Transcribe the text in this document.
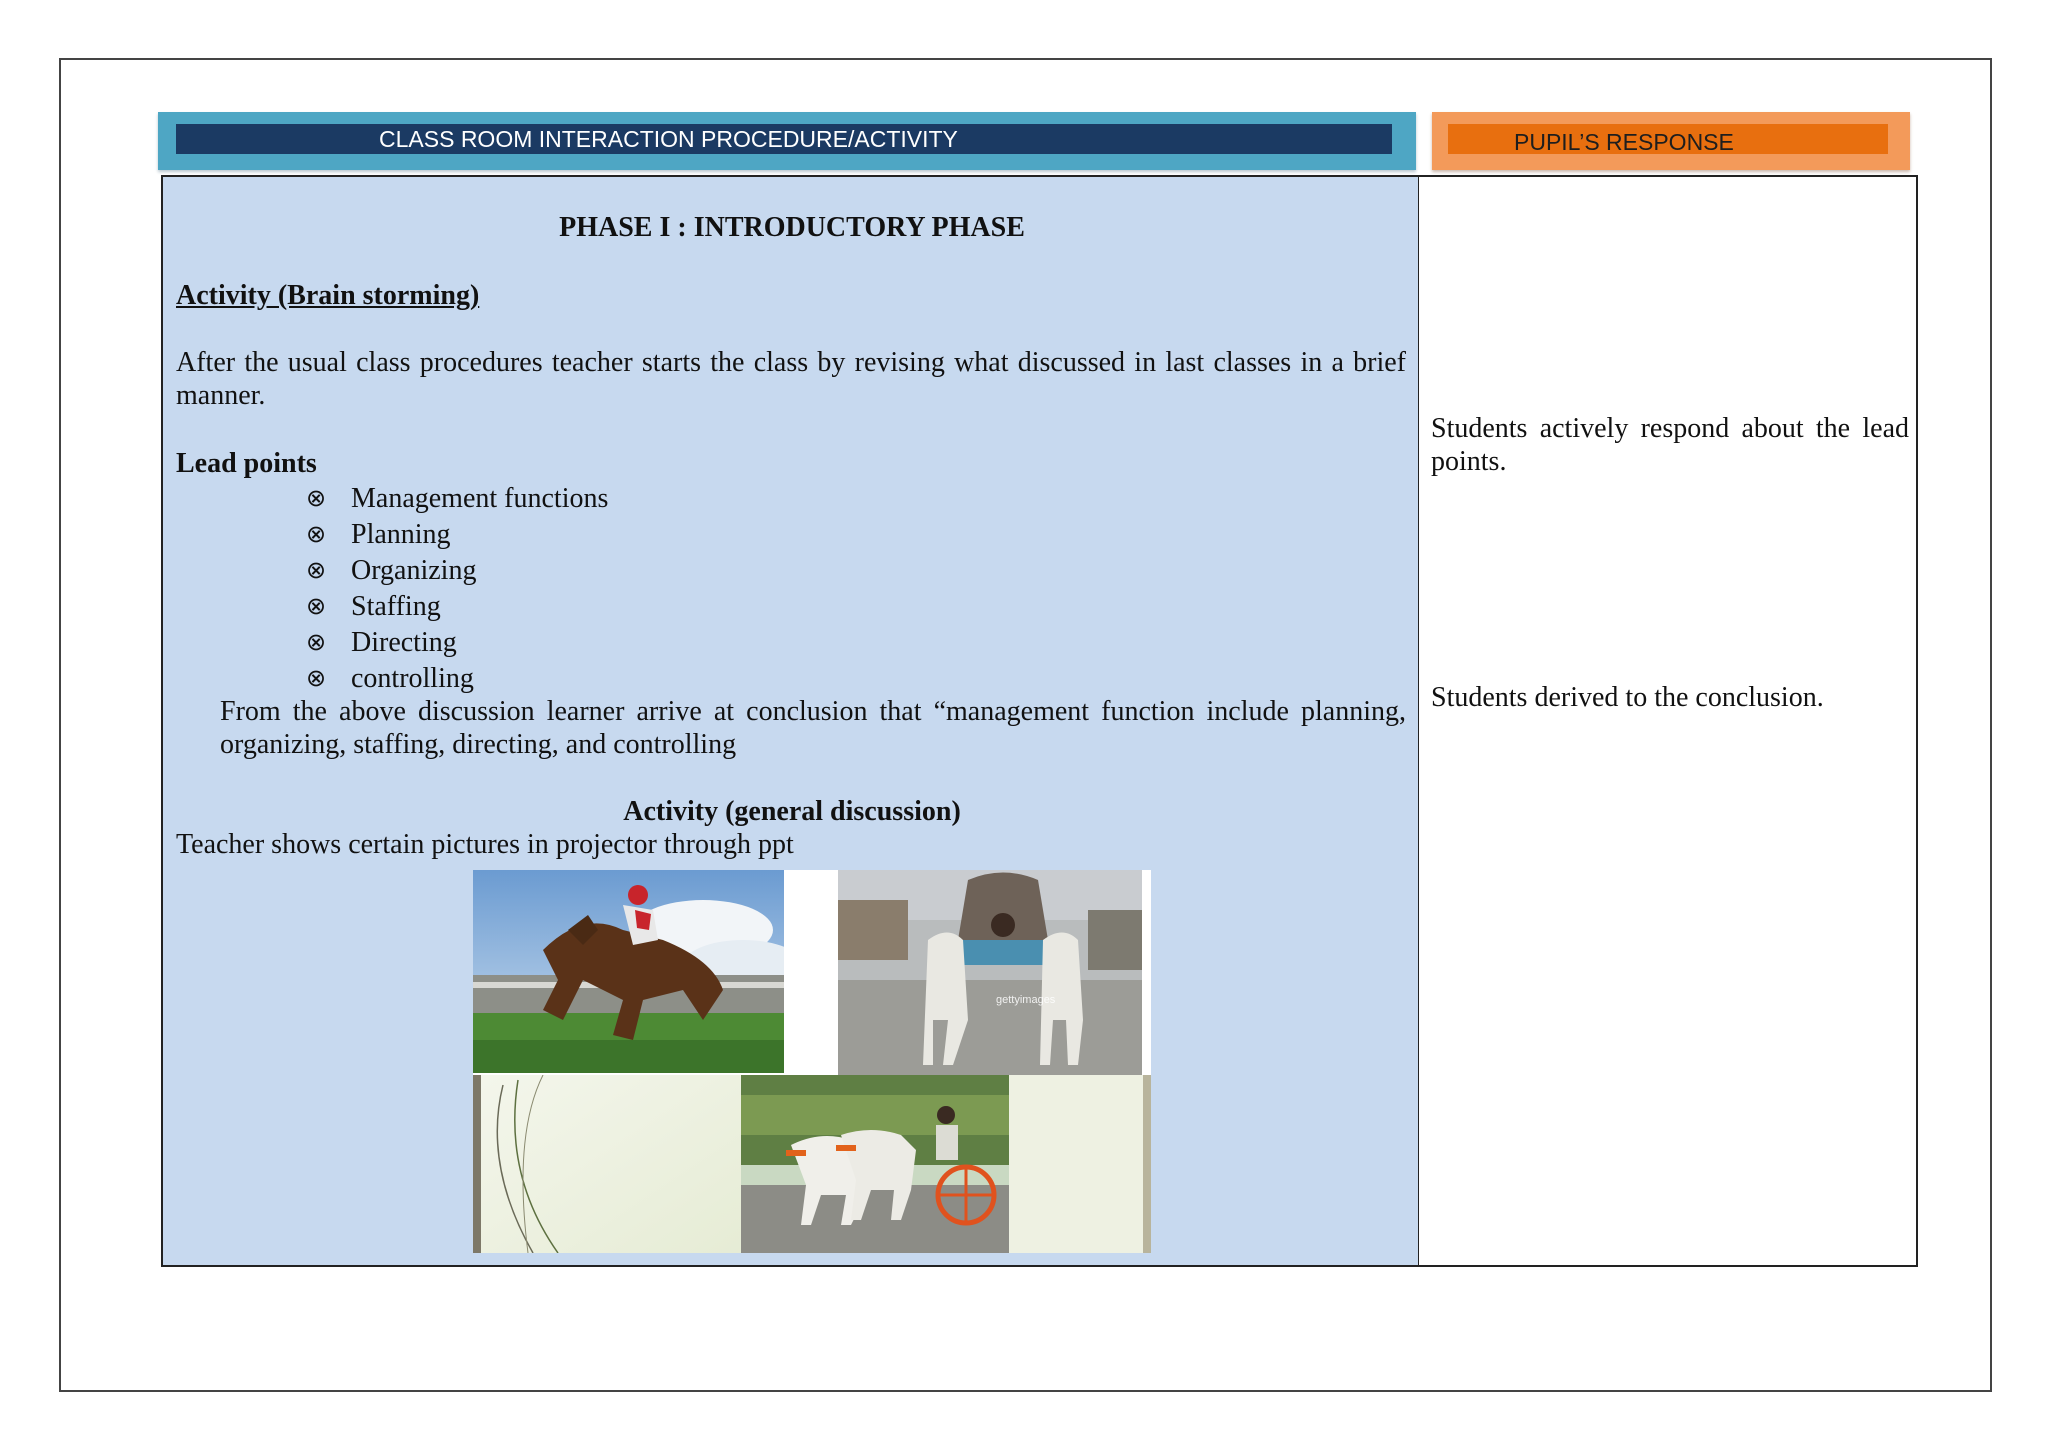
CLASS ROOM INTERACTION PROCEDURE/ACTIVITY	PUPIL’S RESPONSE
PHASE I : INTRODUCTORY PHASE
Activity (Brain storming)
After the usual class procedures teacher starts the class by revising what discussed in last classes in a brief manner.
Lead points
⊗ Management functions
⊗ Planning
⊗ Organizing
⊗ Staffing
⊗ Directing
⊗ controlling
From the above discussion learner arrive at conclusion that “management function include planning, organizing, staffing, directing, and controlling
Activity (general discussion)
Teacher shows certain pictures in projector through ppt
gettyimages
Students actively respond about the lead points.
Students derived to the conclusion.
